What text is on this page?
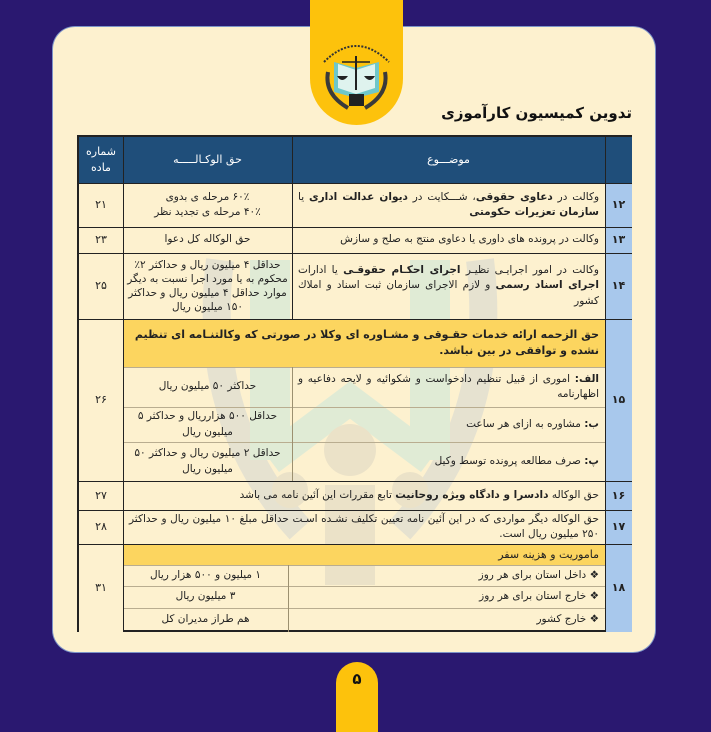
تدوین کمیسیون کارآموزی
موضـــوع
حق الوكـالـــــه
شماره
ماده
۱۲
وكالت در دعاوی حقوقی، شـــكايت در ديوان عدالت اداری يا سازمان تعزيرات حكومتی
۶۰٪ مرحله ی بدوی
۴۰٪ مرحله ی تجدید نظر
۲۱
۱۳
وكالت در پرونده های داوری یا دعاوی منتج به صلح و سازش
حق الوكاله كل دعوا
۲۳
۱۴
وكالت در امور اجرايـی نظيـر اجرای احكـام حقوقـی يا ادارات اجرای اسناد رسمی و لازم الاجرای سازمان ثبت اسناد و املاك كشور
حداقل ۴ میلیون ریال و حداكثر ۲٪ محكوم به يا مورد اجرا نسبت به ديگر موارد حداقل ۴ میلیون ریال و حداكثر ۱۵۰ میلیون ریال
۲۵
۱۵
حق الزحمه ارائه خدمات حقـوقی و مشـاوره ای وكلا در صورتی كه وكالتنـامه ای تنظيم نشده و توافقی در بين نباشد.
الف: اموری از قبيل تنظيم دادخواست و شكوائيه و لايحه دفاعيه و اظهارنامه
حداكثر ۵۰ میلیون ریال
ب: مشاوره به ازای هر ساعت
حداقل ۵۰۰ هزارريال و حداكثر ۵ میلیون ریال
پ: صرف مطالعه پرونده توسط وكيل
حداقل ۲ میلیون ریال و حداكثر ۵۰ میلیون ریال
۲۶
۱۶
حق الوكاله دادسرا و دادگاه ويژه روحانيت تابع مقررات اين آئين نامه می باشد
۲۷
۱۷
حق الوكاله ديگر مواردی كه در اين آئين نامه تعيين تكليف نشـده اسـت حداقل مبلغ ۱۰ میلیون ریال و حداكثر ۲۵۰ میلیون ریال است.
۲۸
۱۸
ماموريت و هزينه سفر
❖ داخل استان برای هر روز
۱ ميليون و ۵۰۰ هزار ريال
❖ خارج استان برای هر روز
۳ ميليون ريال
❖ خارج كشور
هم طراز مديران كل
۳۱
۵
